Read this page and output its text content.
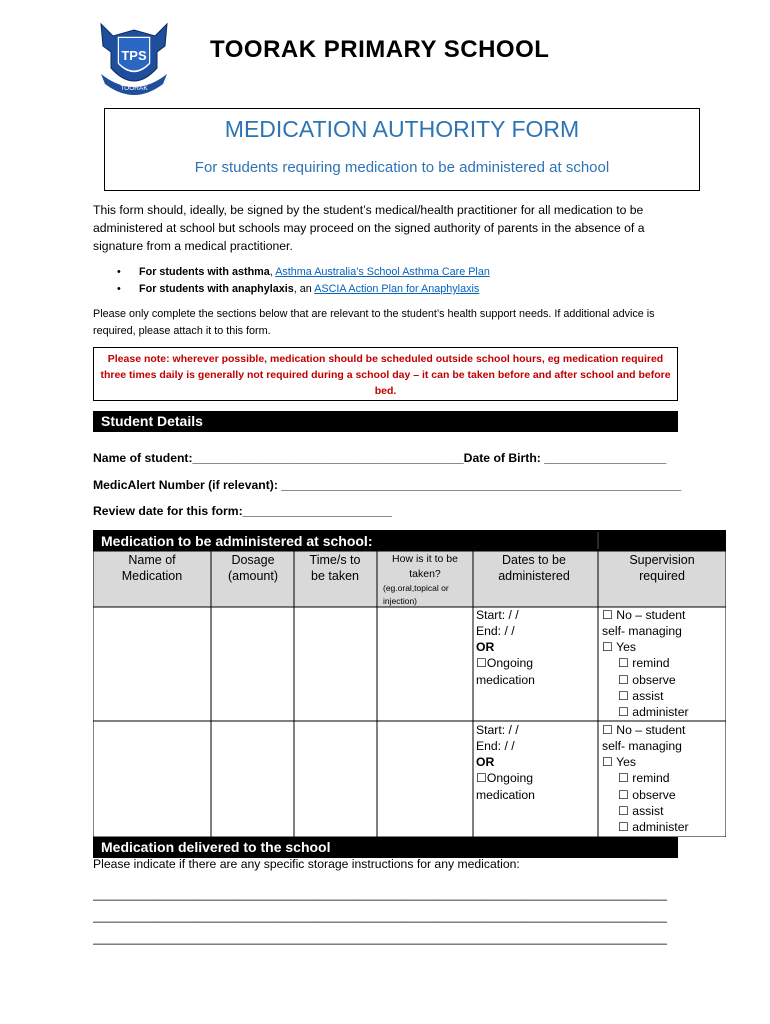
TPS
TOORAK
TOORAK PRIMARY SCHOOL
MEDICATION AUTHORITY FORM
For students requiring medication to be administered at school
This form should, ideally, be signed by the student’s medical/health practitioner for all medication to be administered at school but schools may proceed on the signed authority of parents in the absence of a signature from a medical practitioner.
• For students with asthma, Asthma Australia’s School Asthma Care Plan
• For students with anaphylaxis, an ASCIA Action Plan for Anaphylaxis
Please only complete the sections below that are relevant to the student’s health support needs. If additional advice is required, please attach it to this form.
Please note: wherever possible, medication should be scheduled outside school hours, eg medication required three times daily is generally not required during a school day – it can be taken before and after school and before bed.
Student Details
Name of student:________________________________________Date of Birth: __________________
MedicAlert Number (if relevant): ___________________________________________________________
Review date for this form:______________________
Medication to be administered at school:
Name of
Medication
Dosage
(amount)
Time/s to
be taken
Dates to be
administered
Supervision
required
How is it to be
taken?
(eg.oral,topical or
injection)
Start: / /
End: / /
OR
☐Ongoing
medication
☐ No – student
self- managing
☐ Yes
☐ remind
☐ observe
☐ assist
☐ administer
Start: / /
End: / /
OR
☐Ongoing
medication
☐ No – student
self- managing
☐ Yes
☐ remind
☐ observe
☐ assist
☐ administer
Medication delivered to the school
Please indicate if there are any specific storage instructions for any medication:
______________________________________________________________________________________
______________________________________________________________________________________
______________________________________________________________________________________
